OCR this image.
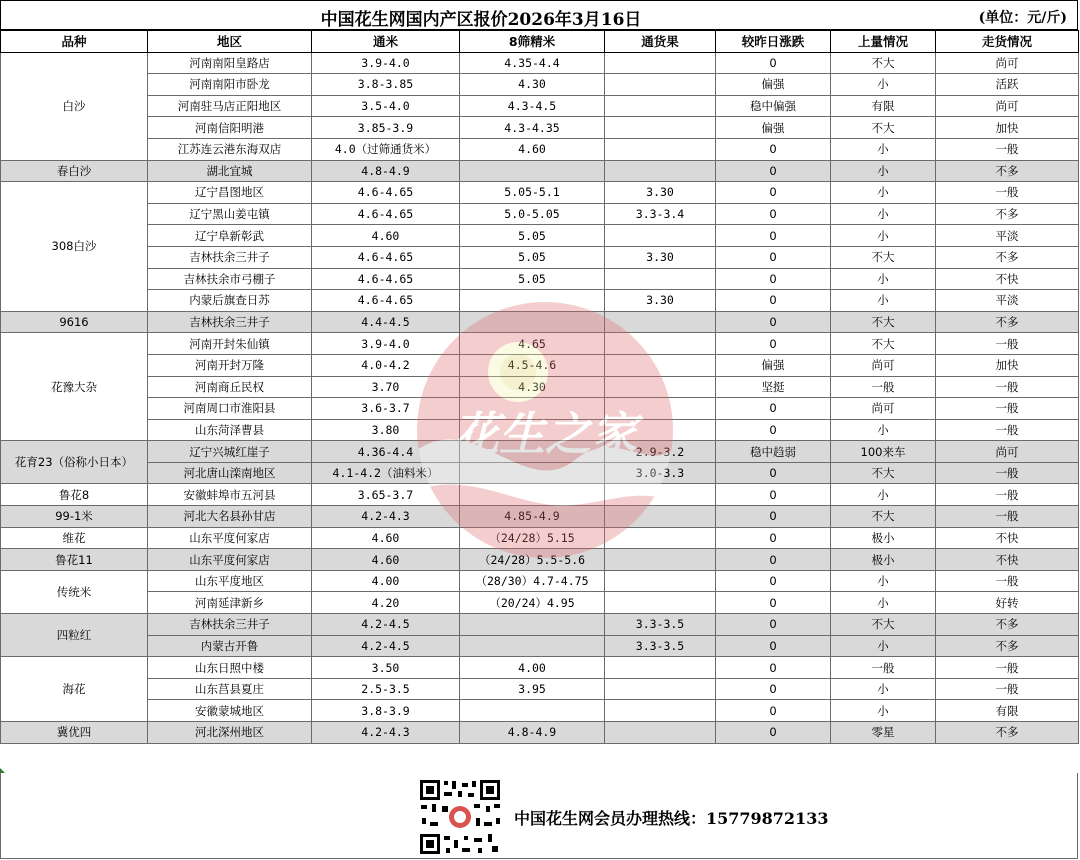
中国花生网国内产区报价2026年3月16日	(单位：元/斤)
品种	地区	通米	8筛精米	通货果	较昨日涨跌	上量情况	走货情况
白沙	河南南阳皇路店	3.9-4.0	4.35-4.4		0	不大	尚可
	河南南阳市卧龙	3.8-3.85	4.30		偏强	小	活跃
	河南驻马店正阳地区	3.5-4.0	4.3-4.5		稳中偏强	有限	尚可
	河南信阳明港	3.85-3.9	4.3-4.35		偏强	不大	加快
	江苏连云港东海双店	4.0（过筛通货米）	4.60		0	小	一般
春白沙	湖北宜城	4.8-4.9			0	小	不多
308白沙	辽宁昌图地区	4.6-4.65	5.05-5.1	3.30	0	小	一般
	辽宁黑山姜屯镇	4.6-4.65	5.0-5.05	3.3-3.4	0	小	不多
	辽宁阜新彰武	4.60	5.05		0	小	平淡
	吉林扶余三井子	4.6-4.65	5.05	3.30	0	不大	不多
	吉林扶余市弓棚子	4.6-4.65	5.05		0	小	不快
	内蒙后旗查日苏	4.6-4.65		3.30	0	小	平淡
9616	吉林扶余三井子	4.4-4.5			0	不大	不多
花豫大杂	河南开封朱仙镇	3.9-4.0	4.65		0	不大	一般
	河南开封万隆	4.0-4.2	4.5-4.6		偏强	尚可	加快
	河南商丘民权	3.70	4.30		坚挺	一般	一般
	河南周口市淮阳县	3.6-3.7			0	尚可	一般
	山东菏泽曹县	3.80			0	小	一般
花育23（俗称小日本）	辽宁兴城红崖子	4.36-4.4		2.9-3.2	稳中趋弱	100来车	尚可
	河北唐山滦南地区	4.1-4.2（油料米）		3.0-3.3	0	不大	一般
鲁花8	安徽蚌埠市五河县	3.65-3.7			0	小	一般
99-1米	河北大名县孙甘店	4.2-4.3	4.85-4.9		0	不大	一般
维花	山东平度何家店	4.60	（24/28）5.15		0	极小	不快
鲁花11	山东平度何家店	4.60	（24/28）5.5-5.6		0	极小	不快
传统米	山东平度地区	4.00	（28/30）4.7-4.75		0	小	一般
	河南延津新乡	4.20	（20/24）4.95		0	小	好转
四粒红	吉林扶余三井子	4.2-4.5		3.3-3.5	0	不大	不多
	内蒙古开鲁	4.2-4.5		3.3-3.5	0	小	不多
海花	山东日照中楼	3.50	4.00		0	一般	一般
	山东莒县夏庄	2.5-3.5	3.95		0	小	一般
	安徽蒙城地区	3.8-3.9			0	小	有限
冀优四	河北深州地区	4.2-4.3	4.8-4.9		0	零星	不多
花生之家
中国花生网会员办理热线：15779872133
